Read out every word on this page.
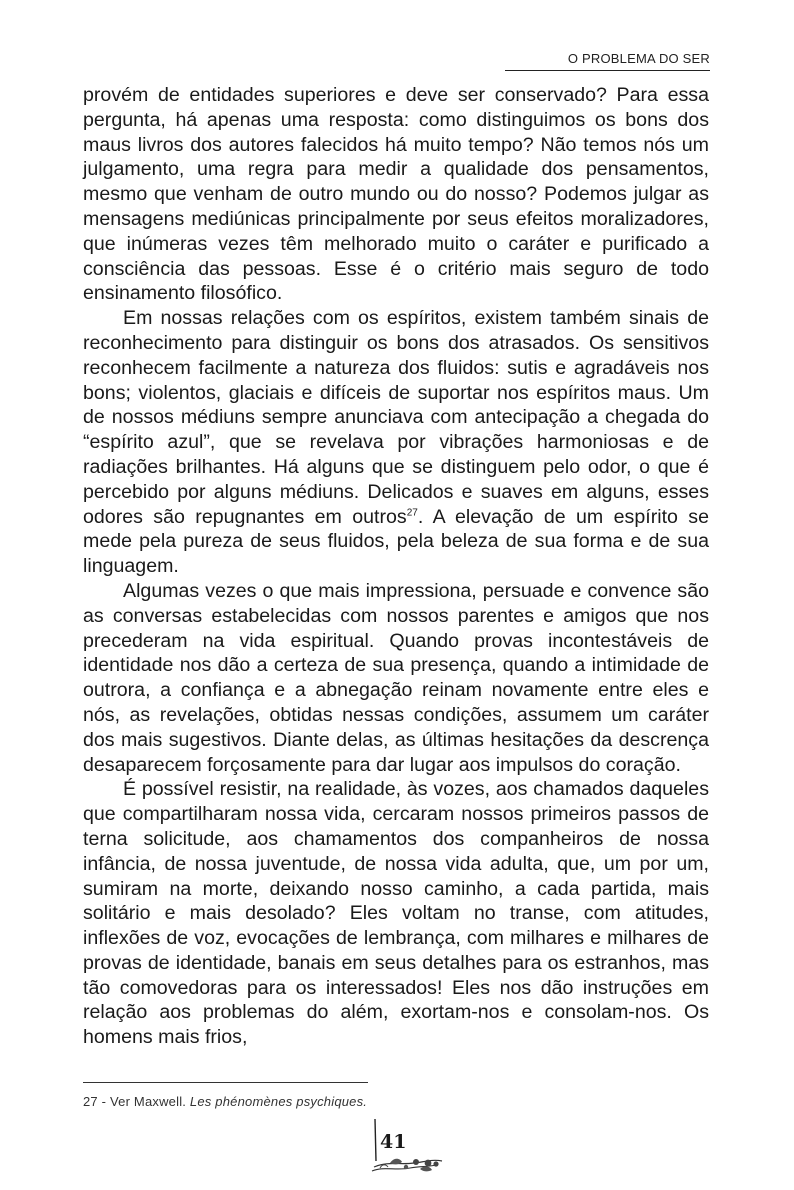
O PROBLEMA DO SER

provém de entidades superiores e deve ser conservado? Para essa pergunta, há apenas uma resposta: como distinguimos os bons dos maus livros dos autores falecidos há muito tempo? Não temos nós um julgamento, uma regra para medir a qualidade dos pensamentos, mesmo que venham de outro mundo ou do nosso? Podemos julgar as mensagens mediúnicas principalmente por seus efeitos moralizadores, que inúmeras vezes têm melhorado muito o caráter e purificado a consciência das pessoas. Esse é o critério mais seguro de todo ensinamento filosófico.

Em nossas relações com os espíritos, existem também sinais de reconhecimento para distinguir os bons dos atrasados. Os sensitivos reconhecem facilmente a natureza dos fluidos: sutis e agradáveis nos bons; violentos, glaciais e difíceis de suportar nos espíritos maus. Um de nossos médiuns sempre anunciava com antecipação a chegada do “espírito azul”, que se revelava por vibrações harmoniosas e de radiações brilhantes. Há alguns que se distinguem pelo odor, o que é percebido por alguns médiuns. Delicados e suaves em alguns, esses odores são repugnantes em outros$^{27}$. A elevação de um espírito se mede pela pureza de seus fluidos, pela beleza de sua forma e de sua linguagem.

Algumas vezes o que mais impressiona, persuade e convence são as conversas estabelecidas com nossos parentes e amigos que nos precederam na vida espiritual. Quando provas incontestáveis de identidade nos dão a certeza de sua presença, quando a intimidade de outrora, a confiança e a abnegação reinam novamente entre eles e nós, as revelações, obtidas nessas condições, assumem um caráter dos mais sugestivos. Diante delas, as últimas hesitações da descrença desaparecem forçosamente para dar lugar aos impulsos do coração.

É possível resistir, na realidade, às vozes, aos chamados daqueles que compartilharam nossa vida, cercaram nossos primeiros passos de terna solicitude, aos chamamentos dos companheiros de nossa infância, de nossa juventude, de nossa vida adulta, que, um por um, sumiram na morte, deixando nosso caminho, a cada partida, mais solitário e mais desolado? Eles voltam no transe, com atitudes, inflexões de voz, evocações de lembrança, com milhares e milhares de provas de identidade, banais em seus detalhes para os estranhos, mas tão comovedoras para os interessados! Eles nos dão instruções em relação aos problemas do além, exortam-nos e consolam-nos. Os homens mais frios,

27 - Ver Maxwell. Les phénomènes psychiques.
41
